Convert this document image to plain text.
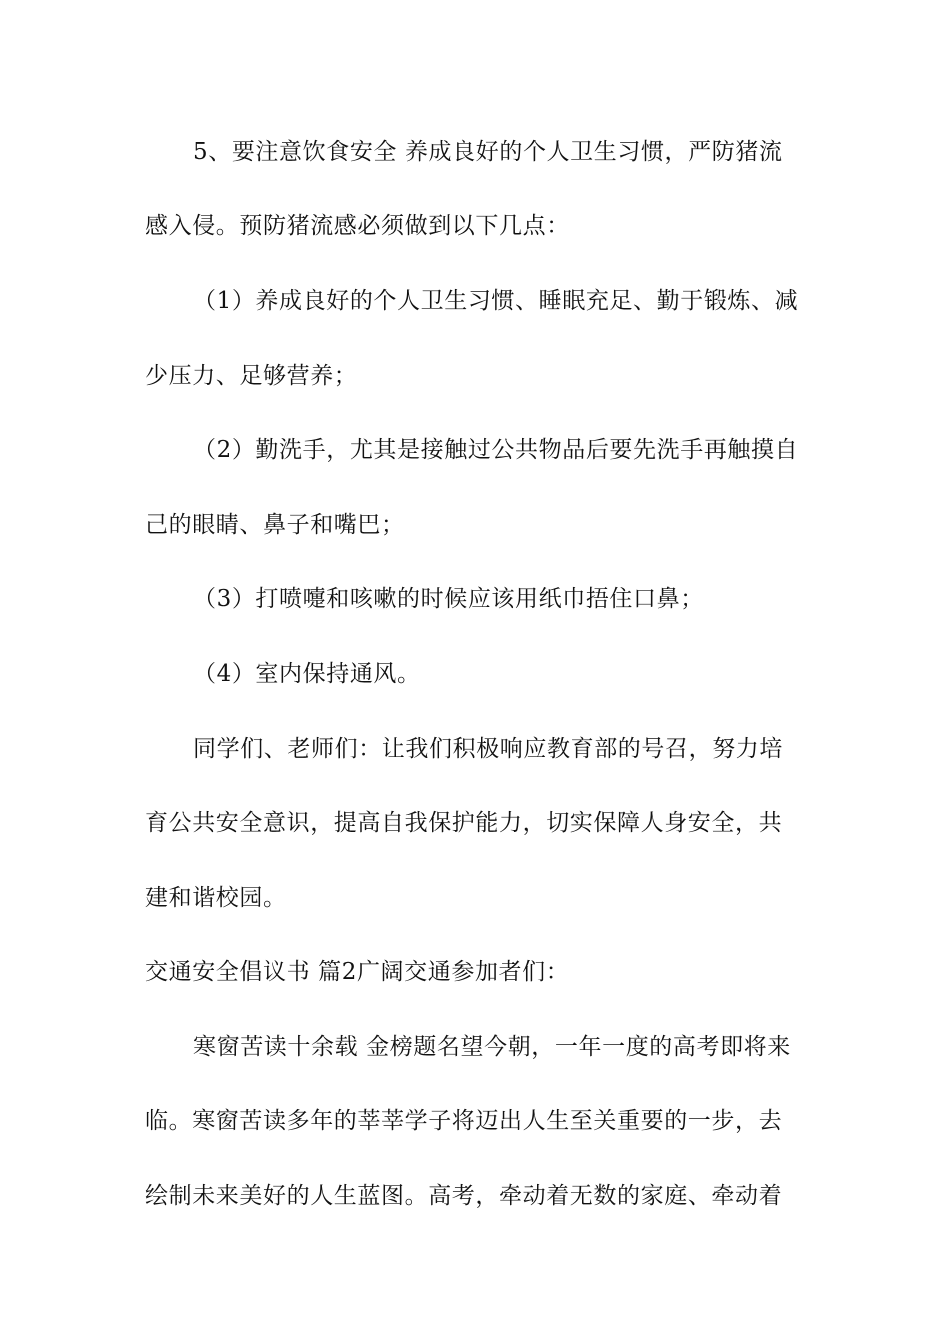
5、要注意饮食安全 养成良好的个人卫生习惯，严防猪流
感入侵。预防猪流感必须做到以下几点：
（1）养成良好的个人卫生习惯、睡眠充足、勤于锻炼、减
少压力、足够营养；
（2）勤洗手，尤其是接触过公共物品后要先洗手再触摸自
己的眼睛、鼻子和嘴巴；
（3）打喷嚏和咳嗽的时候应该用纸巾捂住口鼻；
（4）室内保持通风。
同学们、老师们：让我们积极响应教育部的号召，努力培
育公共安全意识，提高自我保护能力，切实保障人身安全，共
建和谐校园。
交通安全倡议书 篇2广阔交通参加者们：
寒窗苦读十余载 金榜题名望今朝，一年一度的高考即将来
临。寒窗苦读多年的莘莘学子将迈出人生至关重要的一步，去
绘制未来美好的人生蓝图。高考，牵动着无数的家庭、牵动着
